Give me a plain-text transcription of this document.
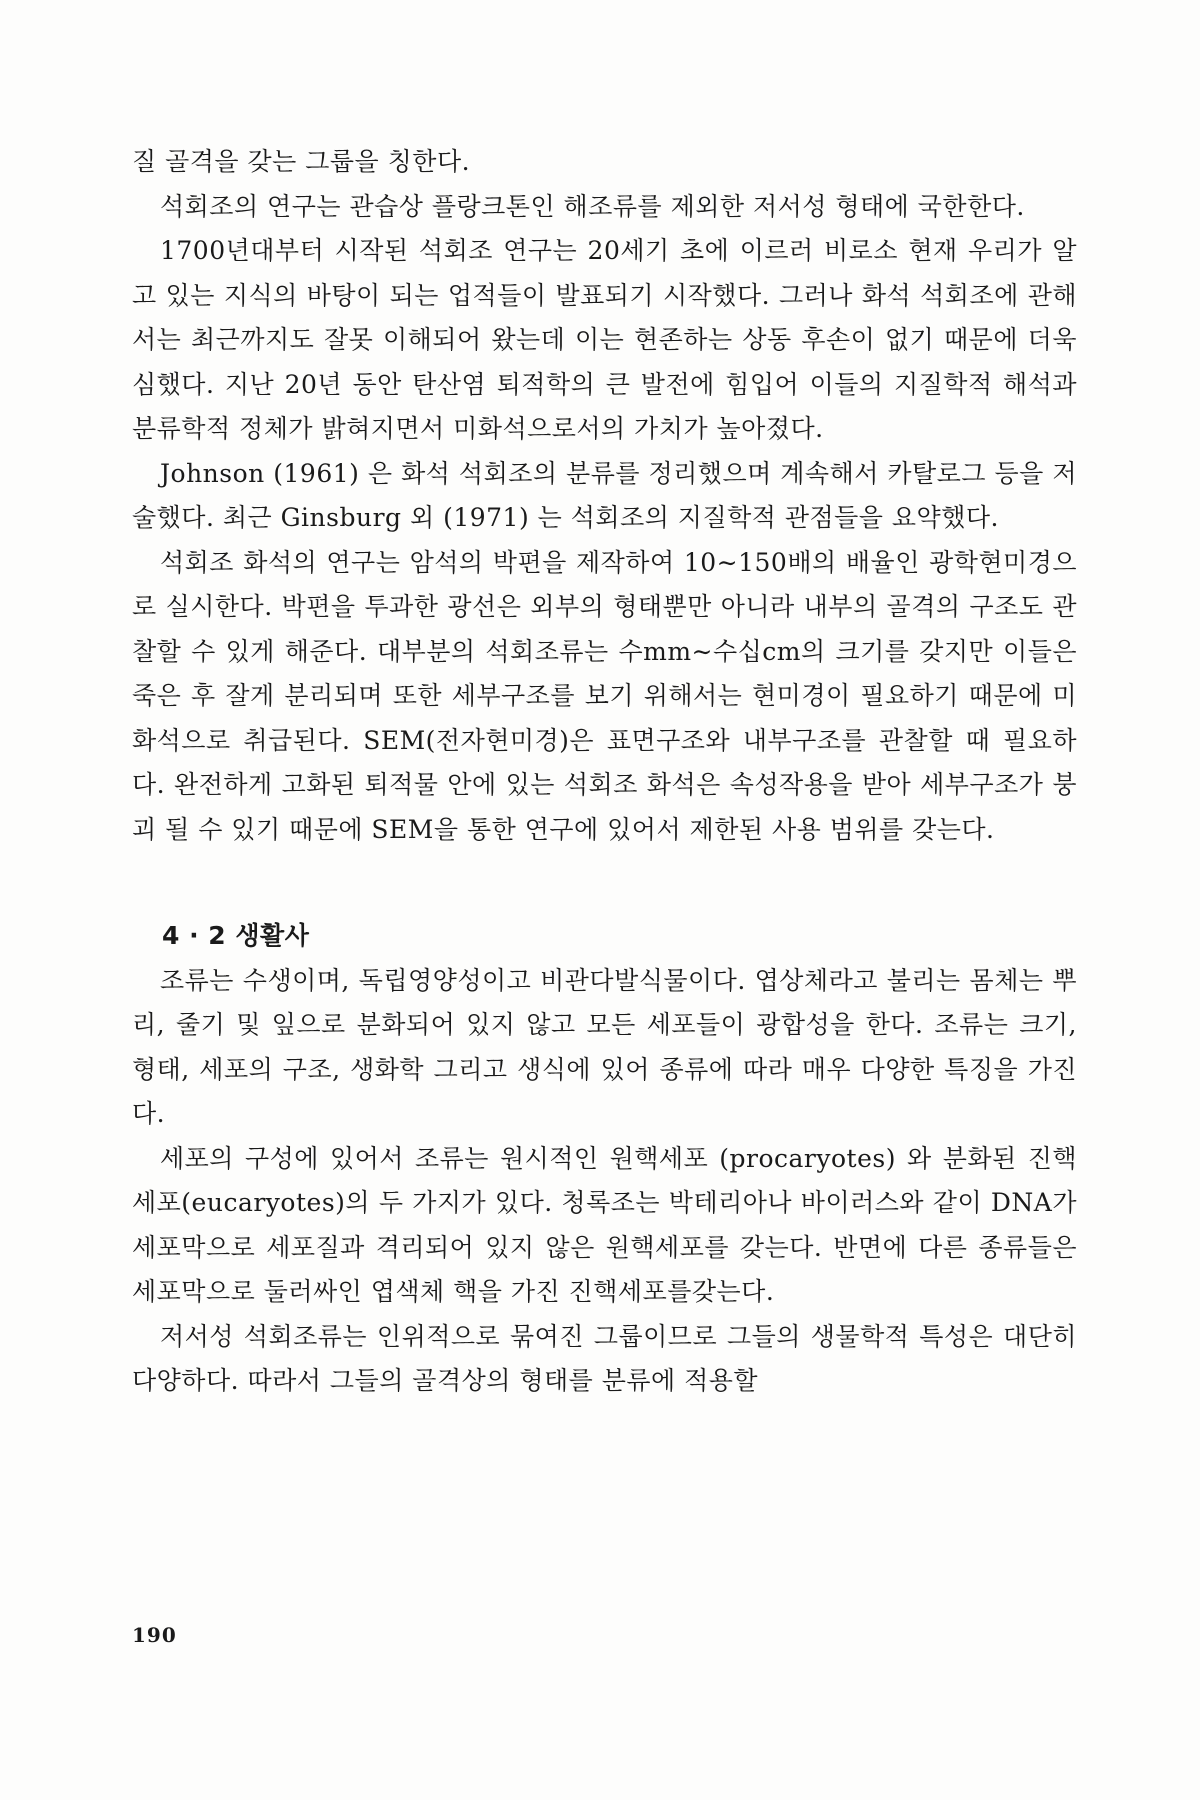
질 골격을 갖는 그룹을 칭한다.

석회조의 연구는 관습상 플랑크톤인 해조류를 제외한 저서성 형태에 국한한다.

1700년대부터 시작된 석회조 연구는 20세기 초에 이르러 비로소 현재 우리가 알고 있는 지식의 바탕이 되는 업적들이 발표되기 시작했다. 그러나 화석 석회조에 관해서는 최근까지도 잘못 이해되어 왔는데 이는 현존하는 상동 후손이 없기 때문에 더욱 심했다. 지난 20년 동안 탄산염 퇴적학의 큰 발전에 힘입어 이들의 지질학적 해석과 분류학적 정체가 밝혀지면서 미화석으로서의 가치가 높아졌다.

Johnson (1961) 은 화석 석회조의 분류를 정리했으며 계속해서 카탈로그 등을 저술했다. 최근 Ginsburg 외 (1971) 는 석회조의 지질학적 관점들을 요약했다.

석회조 화석의 연구는 암석의 박편을 제작하여 10∼150배의 배율인 광학현미경으로 실시한다. 박편을 투과한 광선은 외부의 형태뿐만 아니라 내부의 골격의 구조도 관찰할 수 있게 해준다. 대부분의 석회조류는 수mm∼수십cm의 크기를 갖지만 이들은 죽은 후 잘게 분리되며 또한 세부구조를 보기 위해서는 현미경이 필요하기 때문에 미화석으로 취급된다. SEM(전자현미경)은 표면구조와 내부구조를 관찰할 때 필요하다. 완전하게 고화된 퇴적물 안에 있는 석회조 화석은 속성작용을 받아 세부구조가 붕괴 될 수 있기 때문에 SEM을 통한 연구에 있어서 제한된 사용 범위를 갖는다.

4 · 2 생활사

조류는 수생이며, 독립영양성이고 비관다발식물이다. 엽상체라고 불리는 몸체는 뿌리, 줄기 및 잎으로 분화되어 있지 않고 모든 세포들이 광합성을 한다. 조류는 크기, 형태, 세포의 구조, 생화학 그리고 생식에 있어 종류에 따라 매우 다양한 특징을 가진다.

세포의 구성에 있어서 조류는 원시적인 원핵세포 (procaryotes) 와 분화된 진핵세포(eucaryotes)의 두 가지가 있다. 청록조는 박테리아나 바이러스와 같이 DNA가 세포막으로 세포질과 격리되어 있지 않은 원핵세포를 갖는다. 반면에 다른 종류들은 세포막으로 둘러싸인 엽색체 핵을 가진 진핵세포를갖는다.

저서성 석회조류는 인위적으로 묶여진 그룹이므로 그들의 생물학적 특성은 대단히 다양하다. 따라서 그들의 골격상의 형태를 분류에 적용할

190
